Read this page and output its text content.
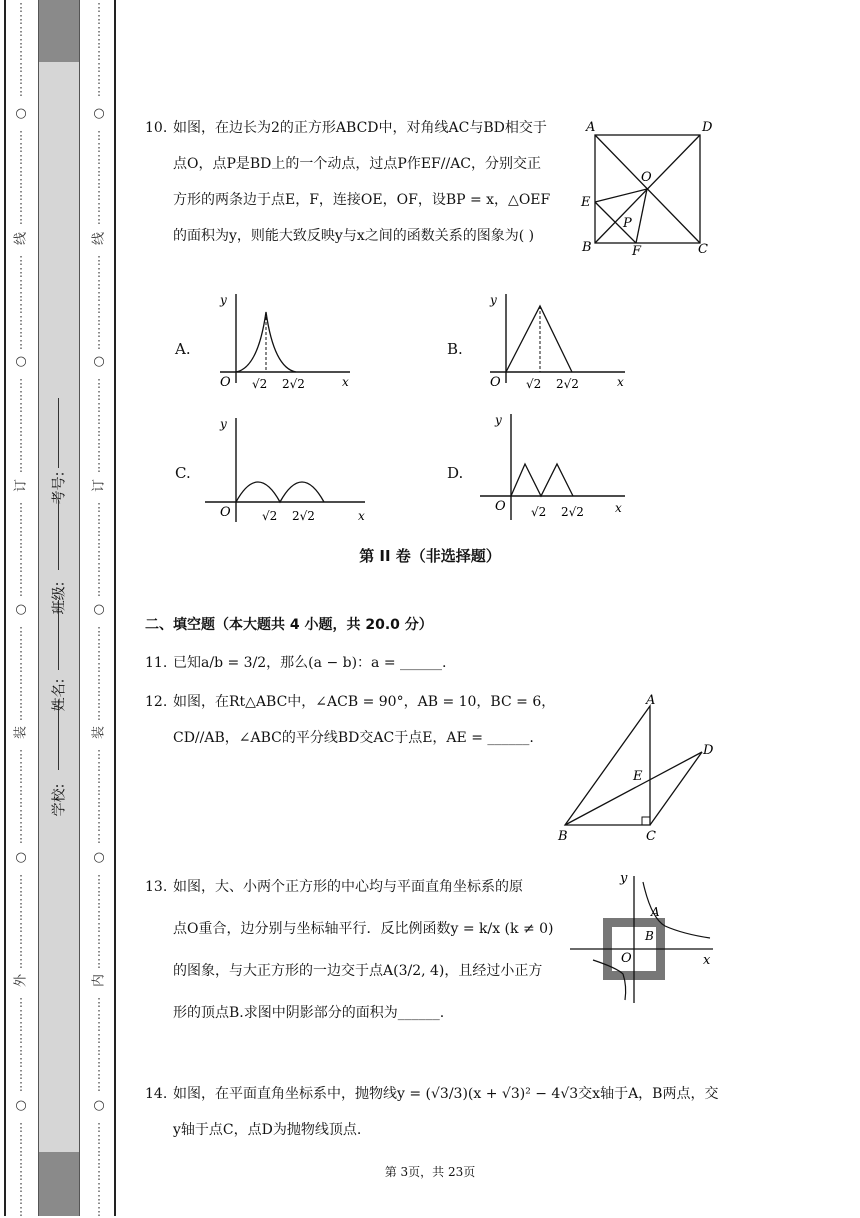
⋮
⋮
⋮
⋮
⋮
⋮
⋮
⋮
○
⋮
⋮
⋮
⋮
⋮
⋮
⋮
⋮
线
⋮
⋮
⋮
⋮
⋮
⋮
⋮
⋮
○
⋮
⋮
⋮
⋮
⋮
⋮
⋮
⋮
订
⋮
⋮
⋮
⋮
⋮
⋮
⋮
⋮
○
⋮
⋮
⋮
⋮
⋮
⋮
⋮
⋮
装
⋮
⋮
⋮
⋮
⋮
⋮
⋮
⋮
○
⋮
⋮
⋮
⋮
⋮
⋮
⋮
⋮
外
⋮
⋮
⋮
⋮
⋮
⋮
⋮
⋮
○
⋮
⋮
⋮
⋮
⋮
⋮
⋮
⋮
⋮
⋮
⋮
⋮
⋮
⋮
⋮
⋮
○
⋮
⋮
⋮
⋮
⋮
⋮
⋮
⋮
线
⋮
⋮
⋮
⋮
⋮
⋮
⋮
⋮
○
⋮
⋮
⋮
⋮
⋮
⋮
⋮
⋮
订
⋮
⋮
⋮
⋮
⋮
⋮
⋮
⋮
○
⋮
⋮
⋮
⋮
⋮
⋮
⋮
⋮
装
⋮
⋮
⋮
⋮
⋮
⋮
⋮
⋮
○
⋮
⋮
⋮
⋮
⋮
⋮
⋮
⋮
内
⋮
⋮
⋮
⋮
⋮
⋮
⋮
⋮
○
⋮
⋮
⋮
⋮
⋮
⋮
⋮
⋮
学校:
姓名:
班级:
考号:
10. 如图，在边长为2的正方形ABCD中，对角线AC与BD相交于
点O，点P是BD上的一个动点，过点P作EF//AC，分别交正
方形的两条边于点E，F，连接OE，OF，设BP = x，△OEF
的面积为y，则能大致反映y与x之间的函数关系的图象为( )
A	D
B	C
O
E
F
P
A.
y
O √2 2√2	x
B.
y
O √2 2√2	x
C.
y
O	√2 2√2	x
D.
y
O √2 2√2	x
第 II 卷（非选择题）
二、填空题（本大题共 4 小题，共 20.0 分）
11. 已知a/b = 3/2，那么(a − b)：a = ______.
12. 如图，在Rt△ABC中，∠ACB = 90°，AB = 10，BC = 6，
CD//AB，∠ABC的平分线BD交AC于点E，AE = ______.
A
B	C
D
E
13. 如图，大、小两个正方形的中心均与平面直角坐标系的原
点O重合，边分别与坐标轴平行．反比例函数y = k/x (k ≠ 0)
的图象，与大正方形的一边交于点A(3/2, 4)，且经过小正方
形的顶点B.求图中阴影部分的面积为______.
y
x
O
A
B
14. 如图，在平面直角坐标系中，抛物线y = (√3/3)(x + √3)² − 4√3交x轴于A，B两点，交
y轴于点C，点D为抛物线顶点.
第 3页，共 23页
